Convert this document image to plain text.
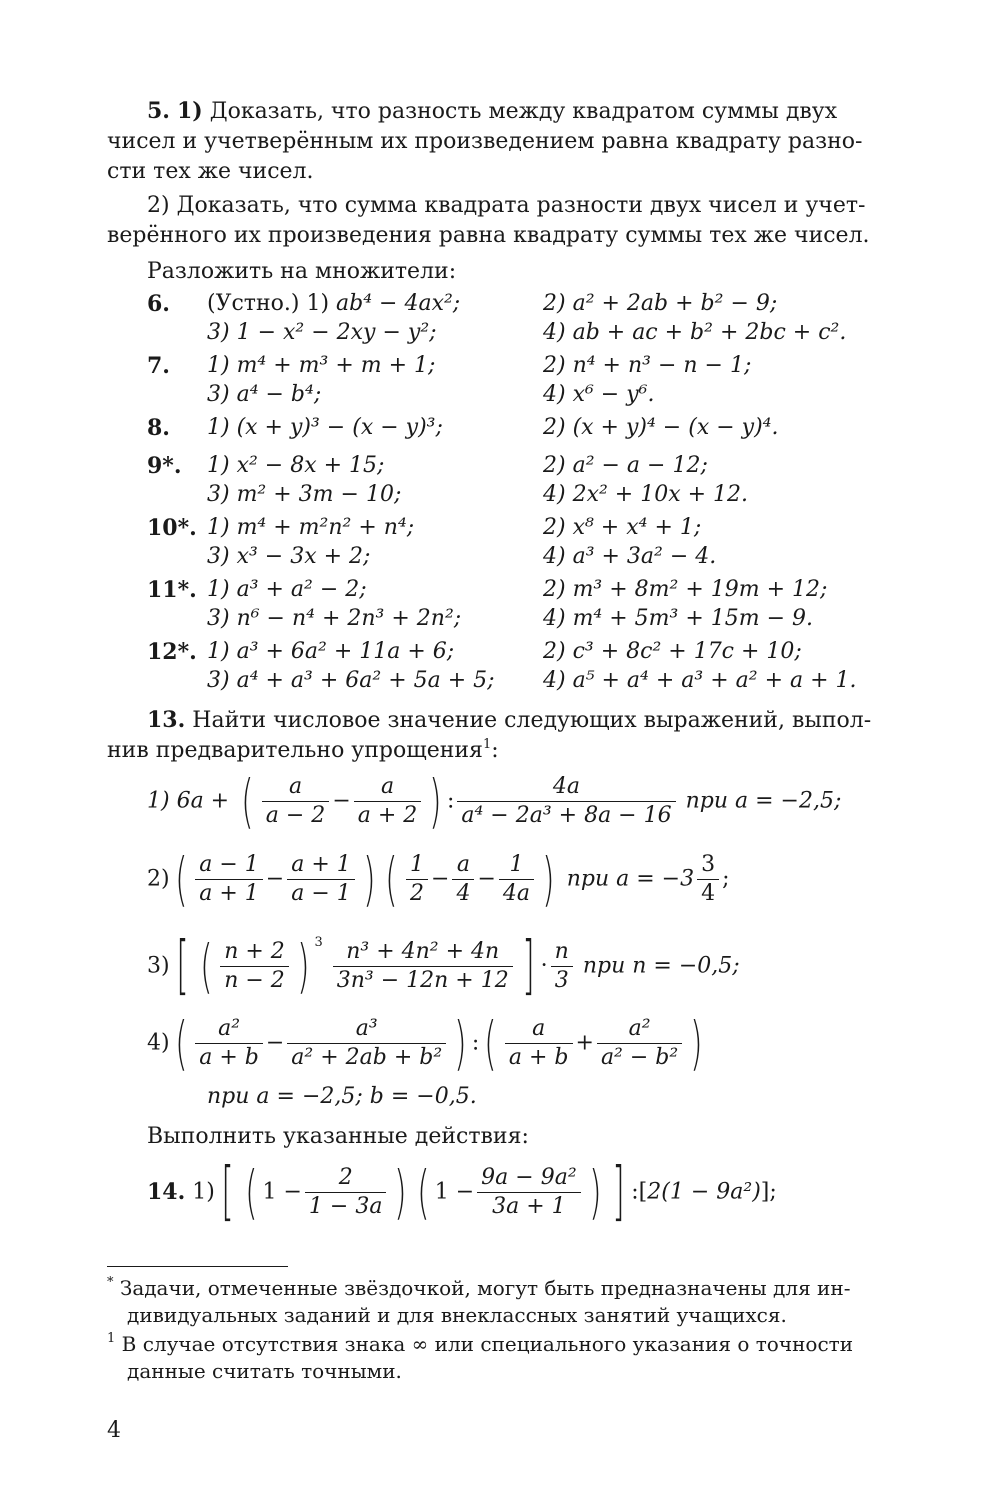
5. 1) Доказать, что разность между квадратом суммы двух
чисел и учетверённым их произведением равна квадрату разно-
сти тех же чисел.
2) Доказать, что сумма квадрата разности двух чисел и учет-
верённого их произведения равна квадрату суммы тех же чисел.
Разложить на множители:
6. (Устно.) 1) ab⁴ − 4ax²;	2) a² + 2ab + b² − 9;
3) 1 − x² − 2xy − y²;	4) ab + ac + b² + 2bc + c².
7. 1) m⁴ + m³ + m + 1;	2) n⁴ + n³ − n − 1;
3) a⁴ − b⁴;	4) x⁶ − y⁶.
8. 1) (x + y)³ − (x − y)³;	2) (x + y)⁴ − (x − y)⁴.
9*. 1) x² − 8x + 15;	2) a² − a − 12;
3) m² + 3m − 10;	4) 2x² + 10x + 12.
10*. 1) m⁴ + m²n² + n⁴;	2) x⁸ + x⁴ + 1;
3) x³ − 3x + 2;	4) a³ + 3a² − 4.
11*. 1) a³ + a² − 2;	2) m³ + 8m² + 19m + 12;
3) n⁶ − n⁴ + 2n³ + 2n²;	4) m⁴ + 5m³ + 15m − 9.
12*. 1) a³ + 6a² + 11a + 6;	2) c³ + 8c² + 17c + 10;
3) a⁴ + a³ + 6a² + 5a + 5; 4) a⁵ + a⁴ + a³ + a² + a + 1.
13. Найти числовое значение следующих выражений, выпол-
нив предварительно упрощения$^1$:
1) 6a + ( $\frac{a}{a - 2} - \frac{a}{a + 2}$ ) : $\frac{4a}{\text{a⁴ − 2a³ + 8a − 16}}$ при a = −2,5;
$2)( \frac{a - 1}{a + 1} - \frac{a + 1}{a - 1}$ ) ( $\frac{1}{2} - \frac{a}{4} - \frac{1}{4a}$ ) при $a = -3 \frac{3}{4}$ ;
3)[ ( $\frac{n + 2}{n - 2}$ ) $^3 \frac{\text{n³ + 4n² + 4n}}{\text{3n³ − 12n + 12}}$ ] · $\frac{n}{3}$ при n = −0,5;
$4)( \frac{\text{a²}}{a + b} - \frac{\text{a³}}{\text{a² + 2ab + b²}}$ ) :( $\frac{a}{a + b} + \frac{\text{a²}}{\text{a² − b²}}$ )
при a = −2,5; b = −0,5.
Выполнить указанные действия:
14. 1)[ ( $1 - \frac{2}{1 - 3a}$ ) ( $1 - \frac{\text{9a − 9a²}}{3a + 1}$ ) ] :[2(1 − 9a²)];
* Задачи, отмеченные звёздочкой, могут быть предназначены для ин-
дивидуальных заданий и для внеклассных занятий учащихся.
$^1$ В случае отсутствия знака ∞ или специального указания о точности
данные считать точными.
4
